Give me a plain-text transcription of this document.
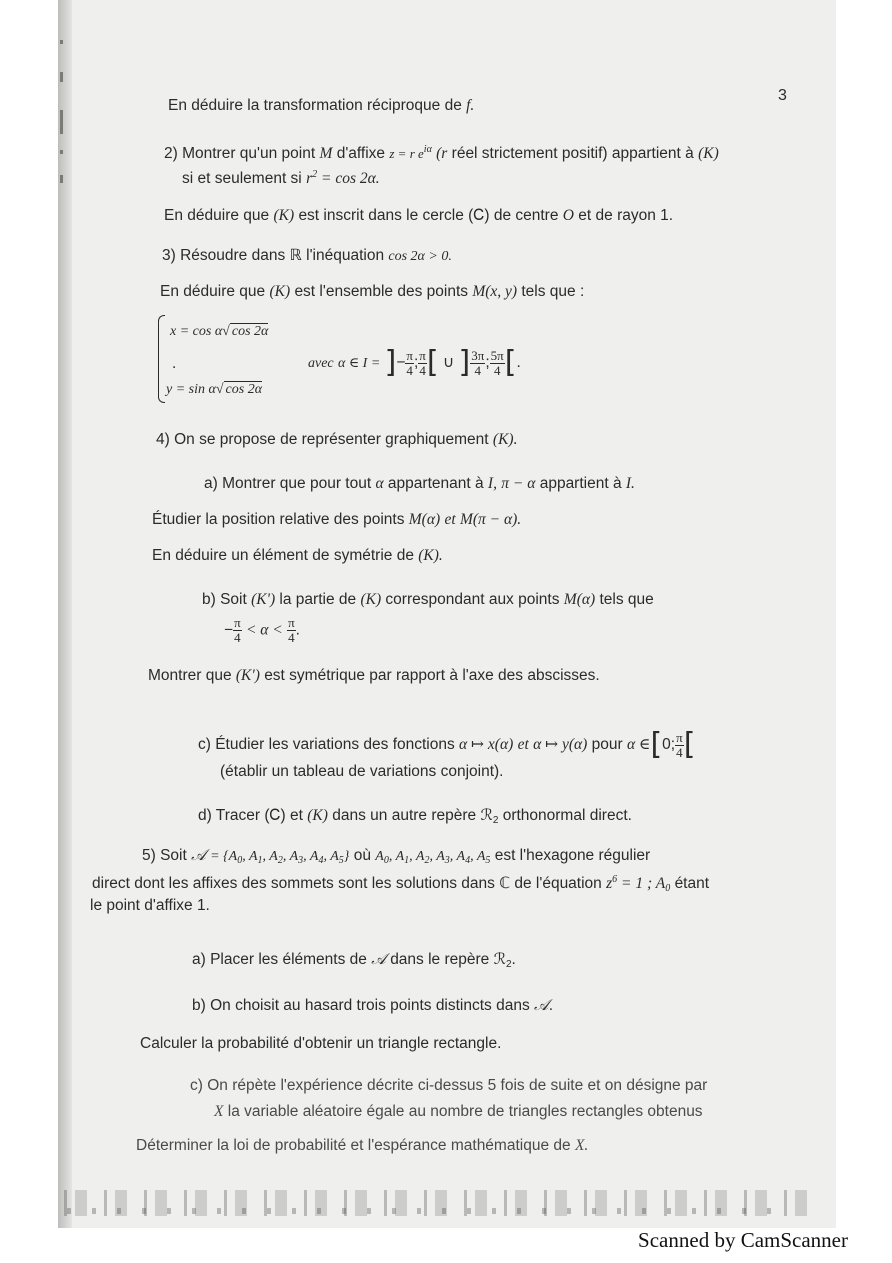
3

En déduire la transformation réciproque de f.

2) Montrer qu'un point M d'affixe z = r $e^{i\alpha}$ (r réel strictement positif) appartient à (K)

si et seulement si $r^2 = \cos 2\alpha$.

En déduire que (K) est inscrit dans le cercle (Ꮯ) de centre O et de rayon 1.

3) Résoudre dans ℝ l'inéquation cos 2α > 0.

En déduire que (K) est l'ensemble des points M(x, y) tels que :

x = cos α√ cos 2α

.

y = sin α√ cos 2α

avec α ∈ I = ]− $\frac{\pi}{4}$ ; $\frac{\pi}{4}$ [ ∪ ] $\frac{3\pi}{4}$ ; $\frac{5\pi}{4}$ [.

4) On se propose de représenter graphiquement (K).

a) Montrer que pour tout α appartenant à I, π − α appartient à I.

Étudier la position relative des points M(α) et M(π − α).

En déduire un élément de symétrie de (K).

b) Soit (K') la partie de (K) correspondant aux points M(α) tels que

− $\frac{\pi}{4} < \alpha < \frac{\pi}{4}$ .

Montrer que (K') est symétrique par rapport à l'axe des abscisses.

c) Étudier les variations des fonctions α ↦ x(α) et α ↦ y(α) pour α ∈[0; $\frac{\pi}{4}$ [

(établir un tableau de variations conjoint).

d) Tracer (Ꮯ) et (K) dans un autre repère ℛ2 orthonormal direct.

5) Soit 𝒜 = {$A_0$, $A_1$, $A_2$, $A_3$, $A_4$, $A_5$} où $A_0$, $A_1$, $A_2$, $A_3$, $A_4$, $A_5$ est l'hexagone régulier

direct dont les affixes des sommets sont les solutions dans ℂ de l'équation $z^6 = 1$ ; A0 étant

le point d'affixe 1.

a) Placer les éléments de 𝒜 dans le repère ℛ2.

b) On choisit au hasard trois points distincts dans 𝒜.

Calculer la probabilité d'obtenir un triangle rectangle.

c) On répète l'expérience décrite ci-dessus 5 fois de suite et on désigne par

X la variable aléatoire égale au nombre de triangles rectangles obtenus

Déterminer la loi de probabilité et l'espérance mathématique de X.

Scanned by CamScanner
